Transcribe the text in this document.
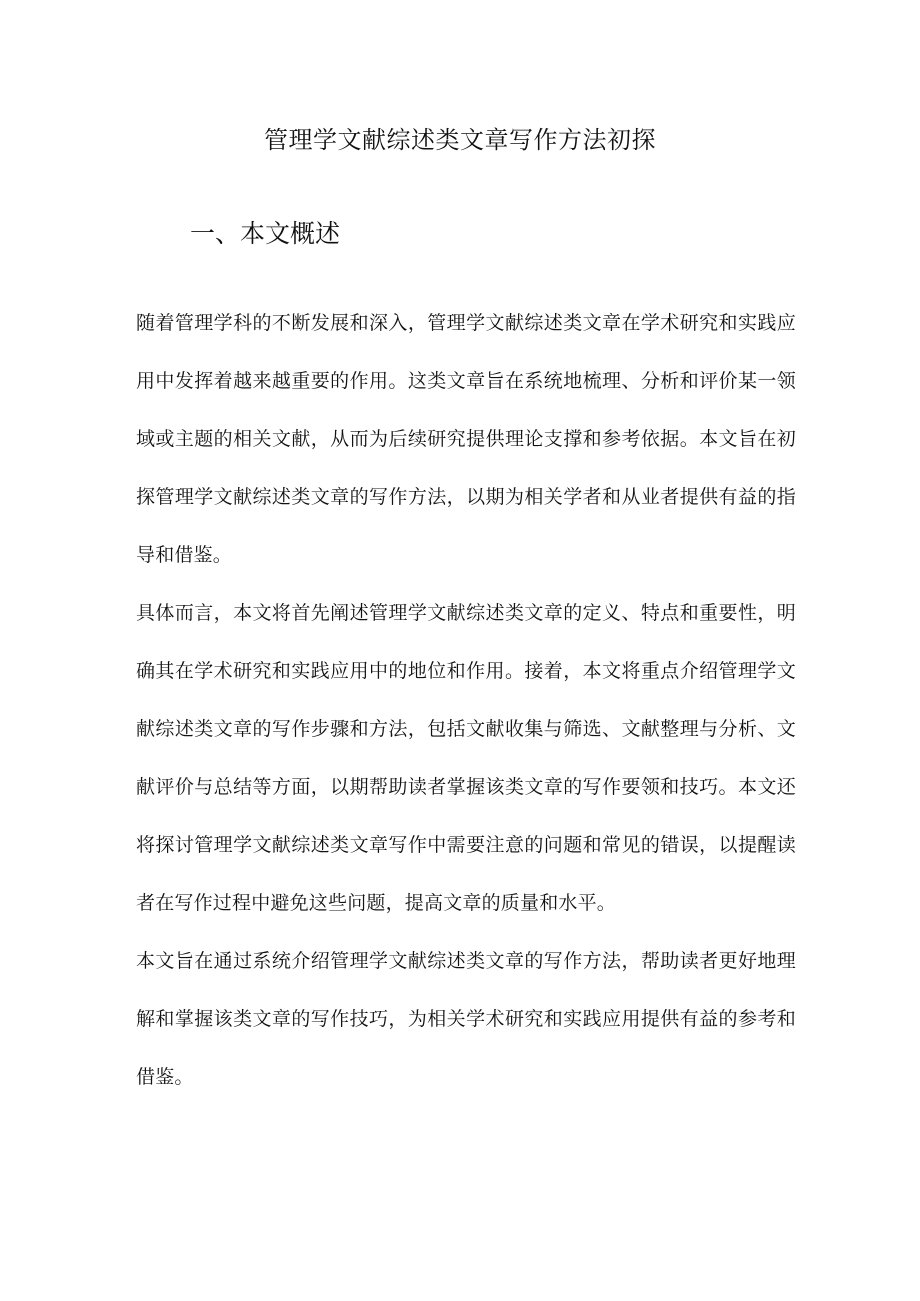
管理学文献综述类文章写作方法初探
一、本文概述

随着管理学科的不断发展和深入，管理学文献综述类文章在学术研究和实践应用中发挥着越来越重要的作用。这类文章旨在系统地梳理、分析和评价某一领域或主题的相关文献，从而为后续研究提供理论支撑和参考依据。本文旨在初探管理学文献综述类文章的写作方法，以期为相关学者和从业者提供有益的指导和借鉴。

具体而言，本文将首先阐述管理学文献综述类文章的定义、特点和重要性，明确其在学术研究和实践应用中的地位和作用。接着，本文将重点介绍管理学文献综述类文章的写作步骤和方法，包括文献收集与筛选、文献整理与分析、文献评价与总结等方面，以期帮助读者掌握该类文章的写作要领和技巧。本文还将探讨管理学文献综述类文章写作中需要注意的问题和常见的错误，以提醒读者在写作过程中避免这些问题，提高文章的质量和水平。

本文旨在通过系统介绍管理学文献综述类文章的写作方法，帮助读者更好地理解和掌握该类文章的写作技巧，为相关学术研究和实践应用提供有益的参考和借鉴。
